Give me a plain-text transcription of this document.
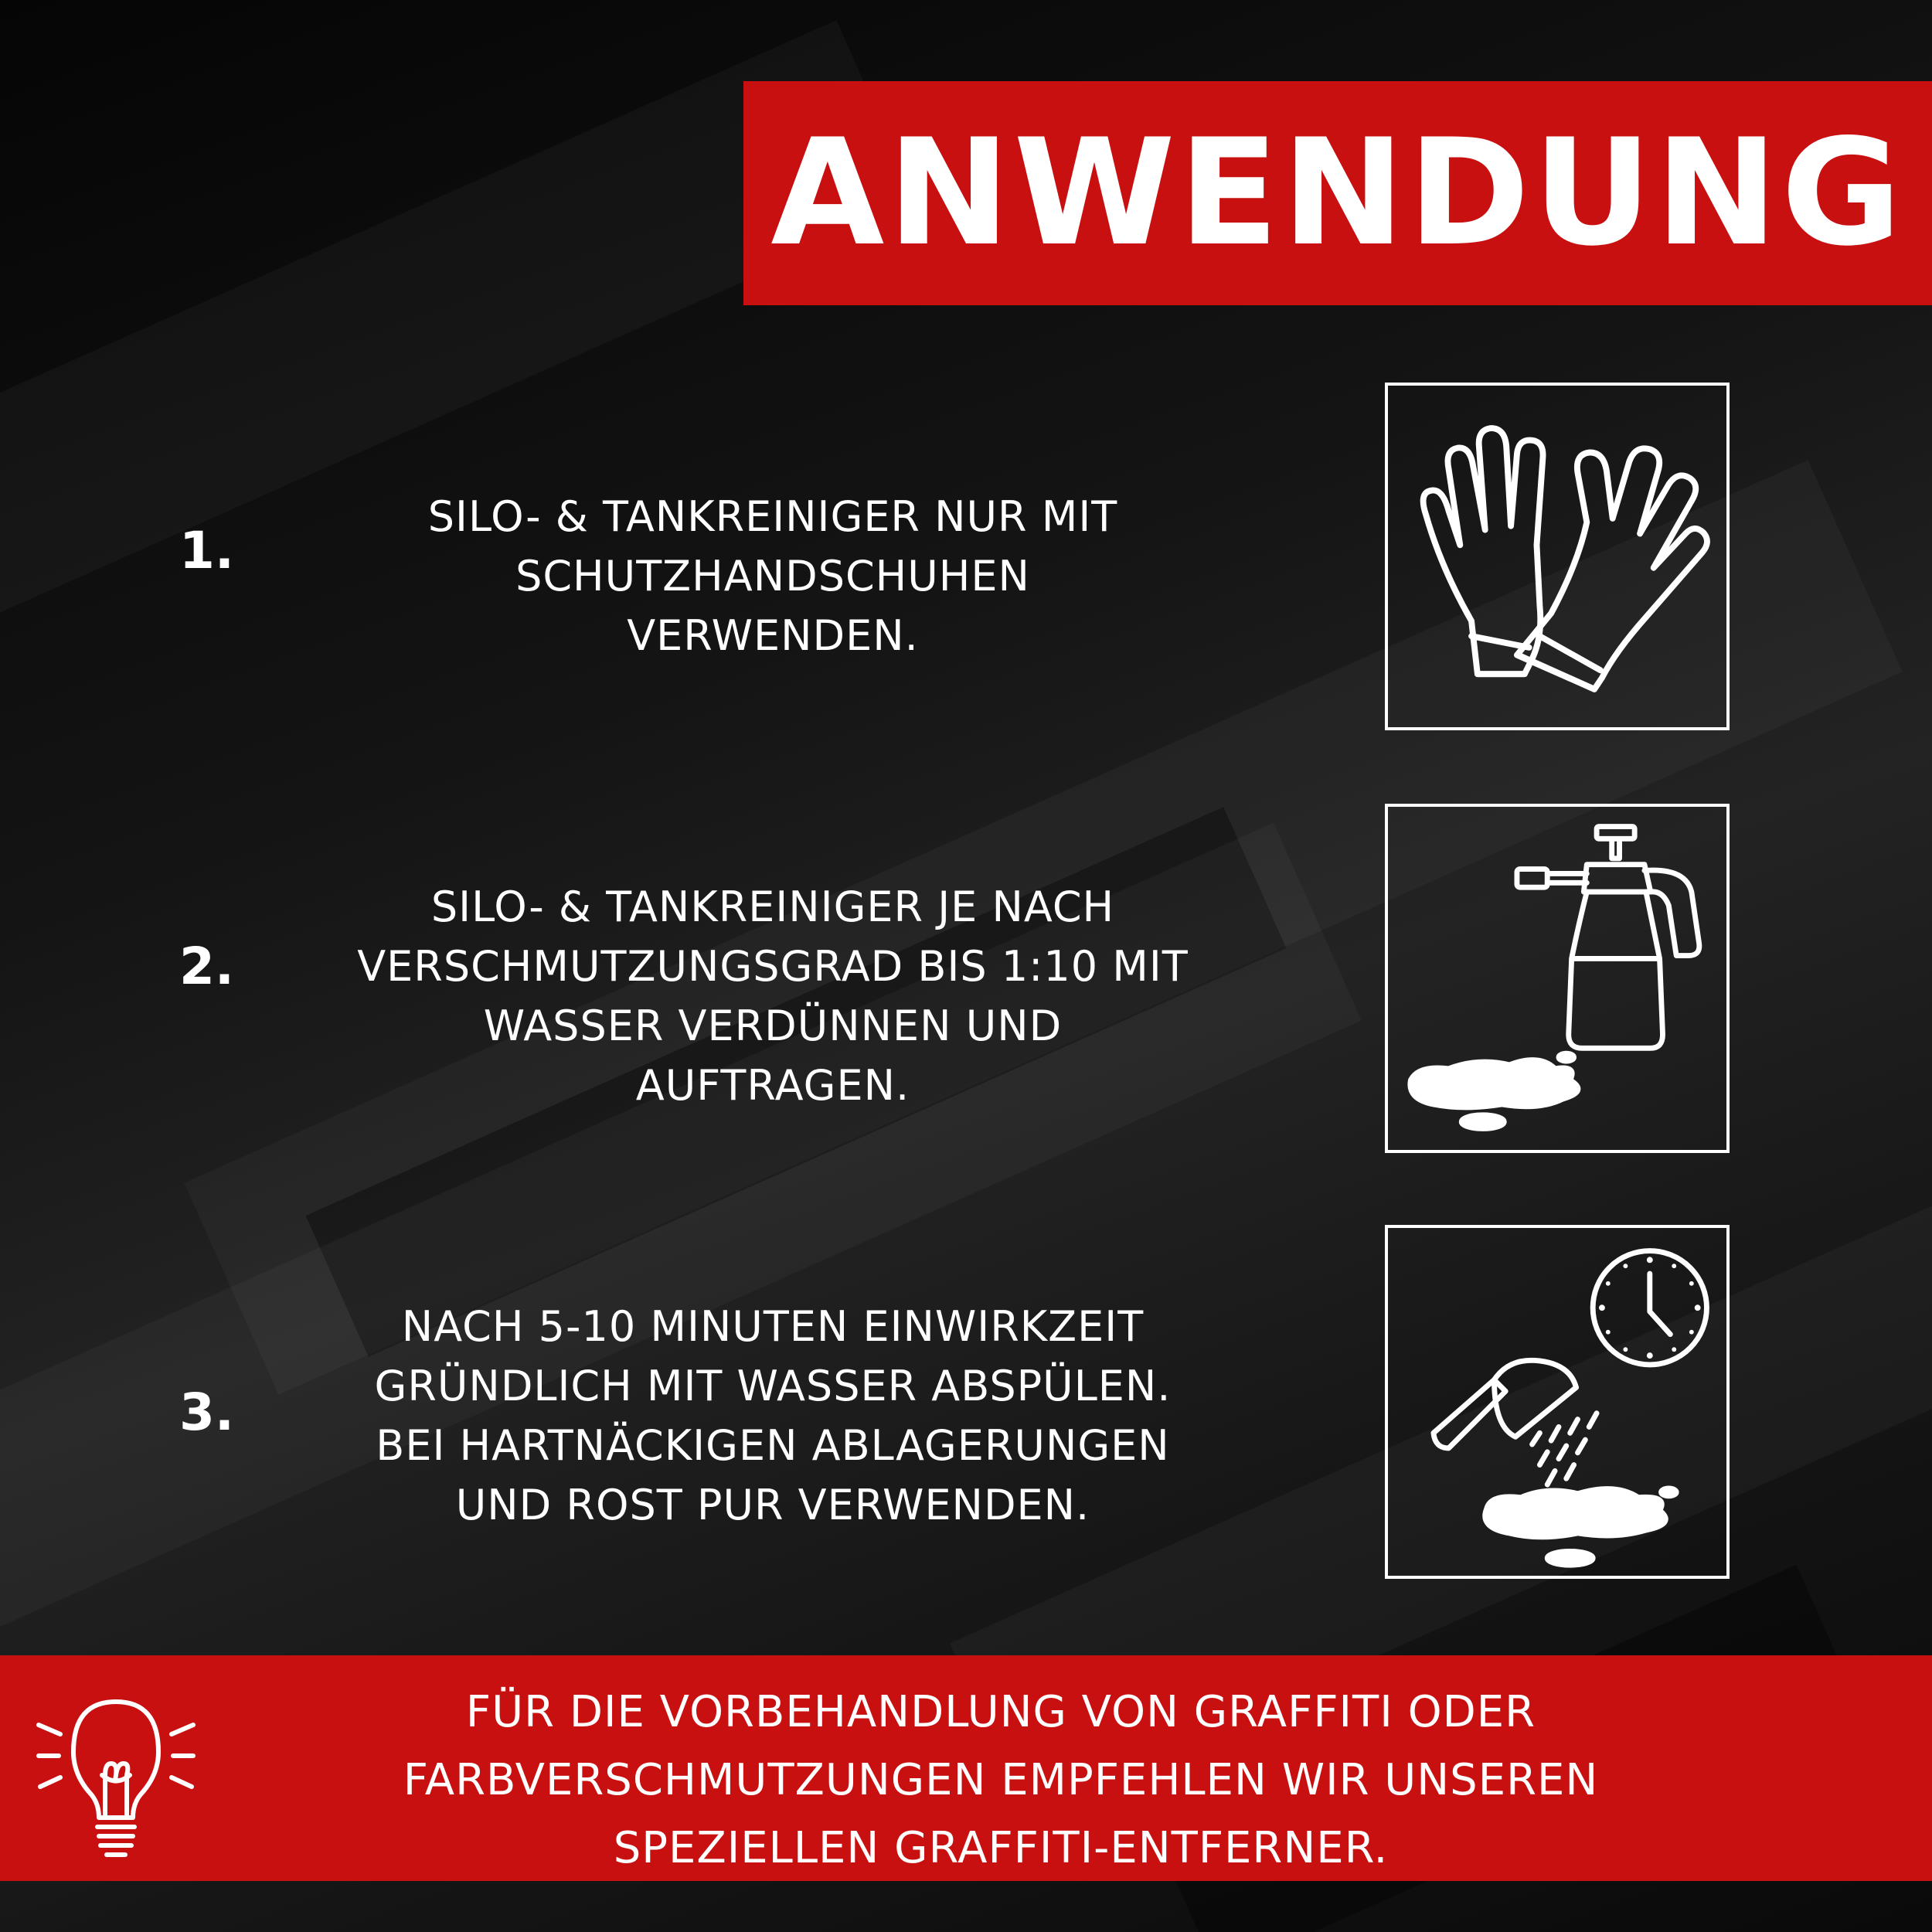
ANWENDUNG
1.
SILO- & TANKREINIGER NUR MIT
SCHUTZHANDSCHUHEN
VERWENDEN.
2.
SILO- & TANKREINIGER JE NACH
VERSCHMUTZUNGSGRAD BIS 1:10 MIT
WASSER VERDÜNNEN UND
AUFTRAGEN.
3.
NACH 5-10 MINUTEN EINWIRKZEIT
GRÜNDLICH MIT WASSER ABSPÜLEN.
BEI HARTNÄCKIGEN ABLAGERUNGEN
UND ROST PUR VERWENDEN.
FÜR DIE VORBEHANDLUNG VON GRAFFITI ODER
FARBVERSCHMUTZUNGEN EMPFEHLEN WIR UNSEREN
SPEZIELLEN GRAFFITI-ENTFERNER.
